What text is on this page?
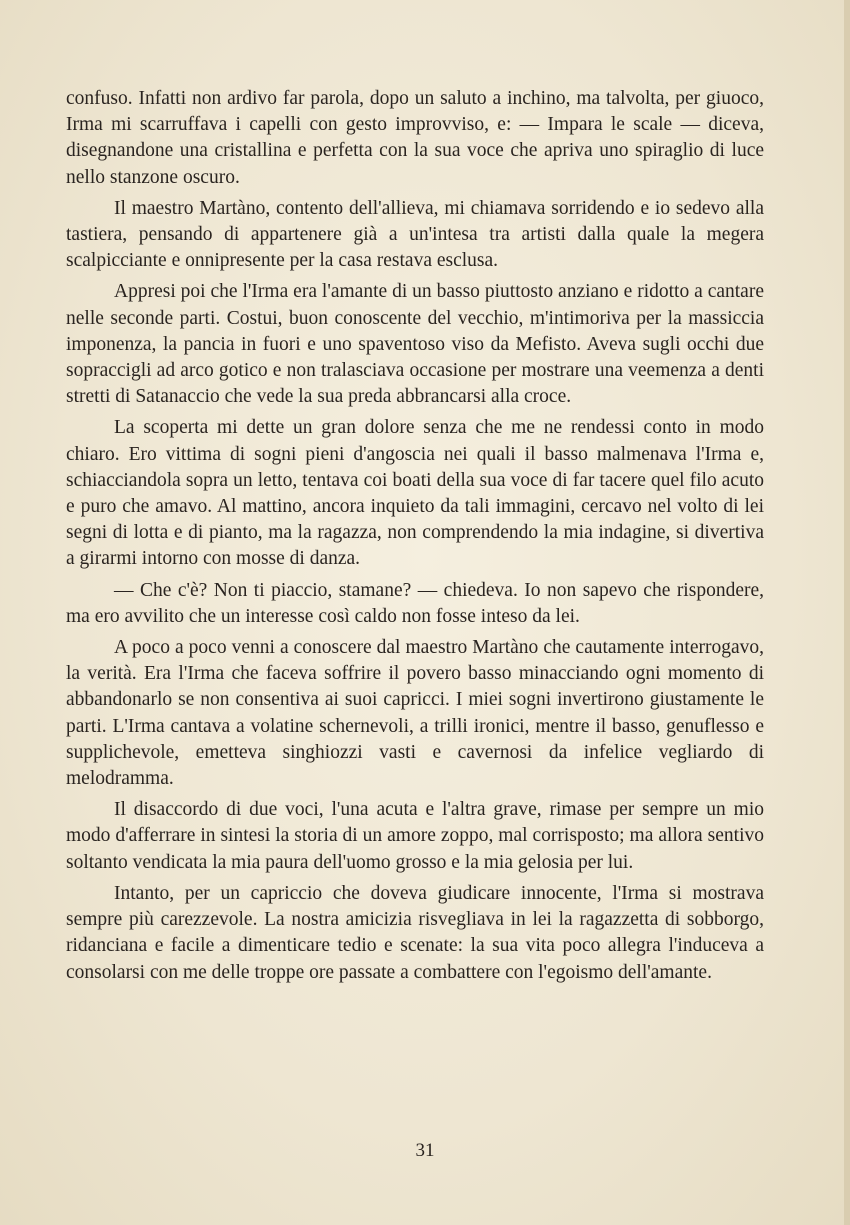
confuso. Infatti non ardivo far parola, dopo un saluto a inchino, ma talvolta, per giuoco, Irma mi scarruffava i capelli con gesto improvviso, e: — Impara le scale — diceva, disegnandone una cristallina e perfetta con la sua voce che apriva uno spiraglio di luce nello stanzone oscuro.

Il maestro Martàno, contento dell'allieva, mi chiamava sorridendo e io sedevo alla tastiera, pensando di appartenere già a un'intesa tra artisti dalla quale la megera scalpicciante e onnipresente per la casa restava esclusa.

Appresi poi che l'Irma era l'amante di un basso piuttosto anziano e ridotto a cantare nelle seconde parti. Costui, buon conoscente del vecchio, m'intimoriva per la massiccia imponenza, la pancia in fuori e uno spaventoso viso da Mefisto. Aveva sugli occhi due sopraccigli ad arco gotico e non tralasciava occasione per mostrare una veemenza a denti stretti di Satanaccio che vede la sua preda abbrancarsi alla croce.

La scoperta mi dette un gran dolore senza che me ne rendessi conto in modo chiaro. Ero vittima di sogni pieni d'angoscia nei quali il basso malmenava l'Irma e, schiacciandola sopra un letto, tentava coi boati della sua voce di far tacere quel filo acuto e puro che amavo. Al mattino, ancora inquieto da tali immagini, cercavo nel volto di lei segni di lotta e di pianto, ma la ragazza, non comprendendo la mia indagine, si divertiva a girarmi intorno con mosse di danza.

— Che c'è? Non ti piaccio, stamane? — chiedeva. Io non sapevo che rispondere, ma ero avvilito che un interesse così caldo non fosse inteso da lei.

A poco a poco venni a conoscere dal maestro Martàno che cautamente interrogavo, la verità. Era l'Irma che faceva soffrire il povero basso minacciando ogni momento di abbandonarlo se non consentiva ai suoi capricci. I miei sogni invertirono giustamente le parti. L'Irma cantava a volatine schernevoli, a trilli ironici, mentre il basso, genuflesso e supplichevole, emetteva singhiozzi vasti e cavernosi da infelice vegliardo di melodramma.

Il disaccordo di due voci, l'una acuta e l'altra grave, rimase per sempre un mio modo d'afferrare in sintesi la storia di un amore zoppo, mal corrisposto; ma allora sentivo soltanto vendicata la mia paura dell'uomo grosso e la mia gelosia per lui.

Intanto, per un capriccio che doveva giudicare innocente, l'Irma si mostrava sempre più carezzevole. La nostra amicizia risvegliava in lei la ragazzetta di sobborgo, ridanciana e facile a dimenticare tedio e scenate: la sua vita poco allegra l'induceva a consolarsi con me delle troppe ore passate a combattere con l'egoismo dell'amante.

31
